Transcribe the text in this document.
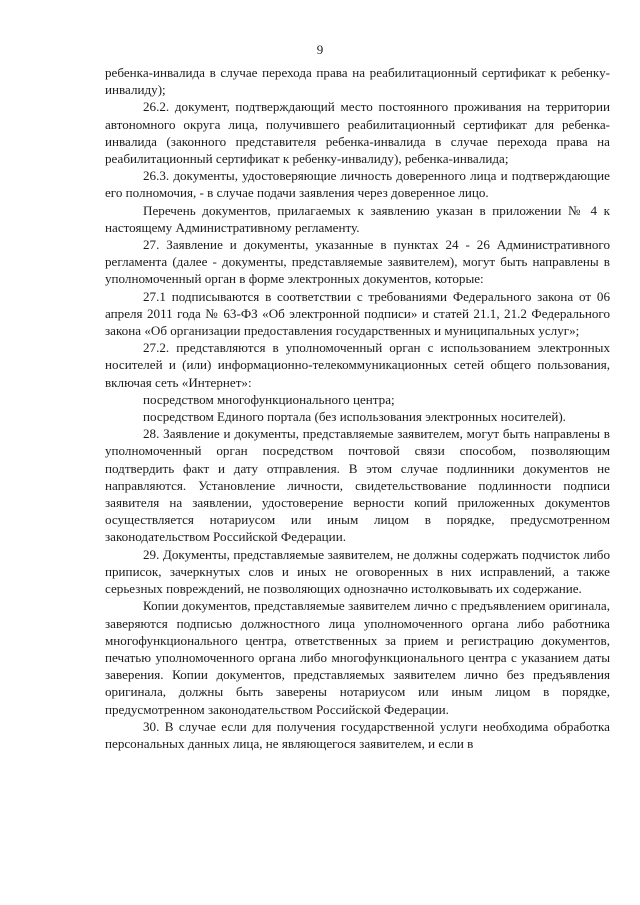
9

ребенка-инвалида в случае перехода права на реабилитационный сертификат к ребенку-инвалиду);

26.2. документ, подтверждающий место постоянного проживания на территории автономного округа лица, получившего реабилитационный сертификат для ребенка-инвалида (законного представителя ребенка-инвалида в случае перехода права на реабилитационный сертификат к ребенку-инвалиду), ребенка-инвалида;

26.3. документы, удостоверяющие личность доверенного лица и подтверждающие его полномочия, - в случае подачи заявления через доверенное лицо.

Перечень документов, прилагаемых к заявлению указан в приложении № 4 к настоящему Административному регламенту.

27. Заявление и документы, указанные в пунктах 24 - 26 Административного регламента (далее - документы, представляемые заявителем), могут быть направлены в уполномоченный орган в форме электронных документов, которые:

27.1 подписываются в соответствии с требованиями Федерального закона от 06 апреля 2011 года № 63-ФЗ «Об электронной подписи» и статей 21.1, 21.2 Федерального закона «Об организации предоставления государственных и муниципальных услуг»;

27.2. представляются в уполномоченный орган с использованием электронных носителей и (или) информационно-телекоммуникационных сетей общего пользования, включая сеть «Интернет»:

посредством многофункционального центра;

посредством Единого портала (без использования электронных носителей).

28. Заявление и документы, представляемые заявителем, могут быть направлены в уполномоченный орган посредством почтовой связи способом, позволяющим подтвердить факт и дату отправления. В этом случае подлинники документов не направляются. Установление личности, свидетельствование подлинности подписи заявителя на заявлении, удостоверение верности копий приложенных документов осуществляется нотариусом или иным лицом в порядке, предусмотренном законодательством Российской Федерации.

29. Документы, представляемые заявителем, не должны содержать подчисток либо приписок, зачеркнутых слов и иных не оговоренных в них исправлений, а также серьезных повреждений, не позволяющих однозначно истолковывать их содержание.

Копии документов, представляемые заявителем лично с предъявлением оригинала, заверяются подписью должностного лица уполномоченного органа либо работника многофункционального центра, ответственных за прием и регистрацию документов, печатью уполномоченного органа либо многофункционального центра с указанием даты заверения. Копии документов, представляемых заявителем лично без предъявления оригинала, должны быть заверены нотариусом или иным лицом в порядке, предусмотренном законодательством Российской Федерации.

30. В случае если для получения государственной услуги необходима обработка персональных данных лица, не являющегося заявителем, и если в
